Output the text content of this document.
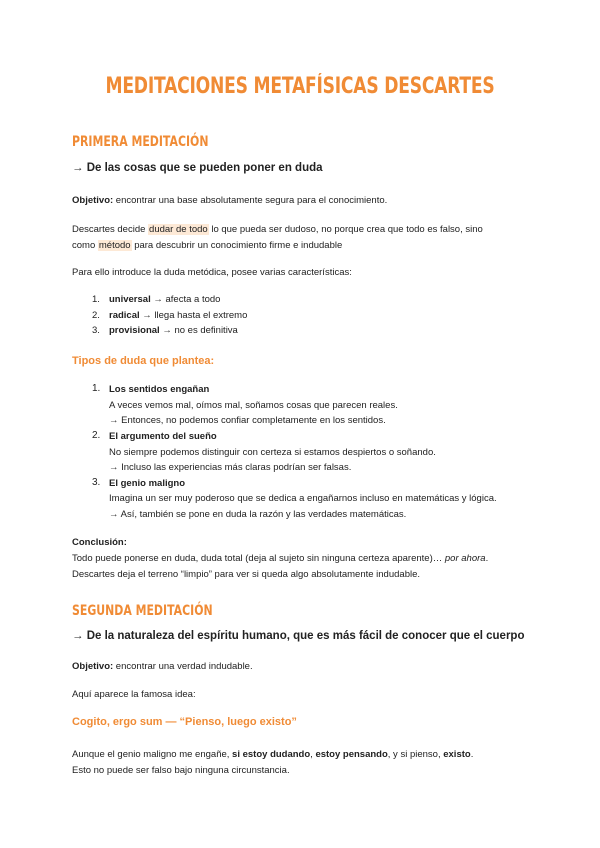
MEDITACIONES METAFÍSICAS DESCARTES
PRIMERA MEDITACIÓN
→ De las cosas que se pueden poner en duda
Objetivo: encontrar una base absolutamente segura para el conocimiento.
Descartes decide dudar de todo lo que pueda ser dudoso, no porque crea que todo es falso, sino
como método para descubrir un conocimiento firme e indudable
Para ello introduce la duda metódica, posee varias características:
1. universal → afecta a todo
2. radical → llega hasta el extremo
3. provisional → no es definitiva
Tipos de duda que plantea:
1. Los sentidos engañan
A veces vemos mal, oímos mal, soñamos cosas que parecen reales.
→ Entonces, no podemos confiar completamente en los sentidos.
2. El argumento del sueño
No siempre podemos distinguir con certeza si estamos despiertos o soñando.
→ Incluso las experiencias más claras podrían ser falsas.
3. El genio maligno
Imagina un ser muy poderoso que se dedica a engañarnos incluso en matemáticas y lógica.
→ Así, también se pone en duda la razón y las verdades matemáticas.
Conclusión:
Todo puede ponerse en duda, duda total (deja al sujeto sin ninguna certeza aparente)… por ahora.
Descartes deja el terreno “limpio” para ver si queda algo absolutamente indudable.
SEGUNDA MEDITACIÓN
→ De la naturaleza del espíritu humano, que es más fácil de conocer que el cuerpo
Objetivo: encontrar una verdad indudable.
Aquí aparece la famosa idea:
Cogito, ergo sum — “Pienso, luego existo”
Aunque el genio maligno me engañe, si estoy dudando, estoy pensando, y si pienso, existo.
Esto no puede ser falso bajo ninguna circunstancia.
